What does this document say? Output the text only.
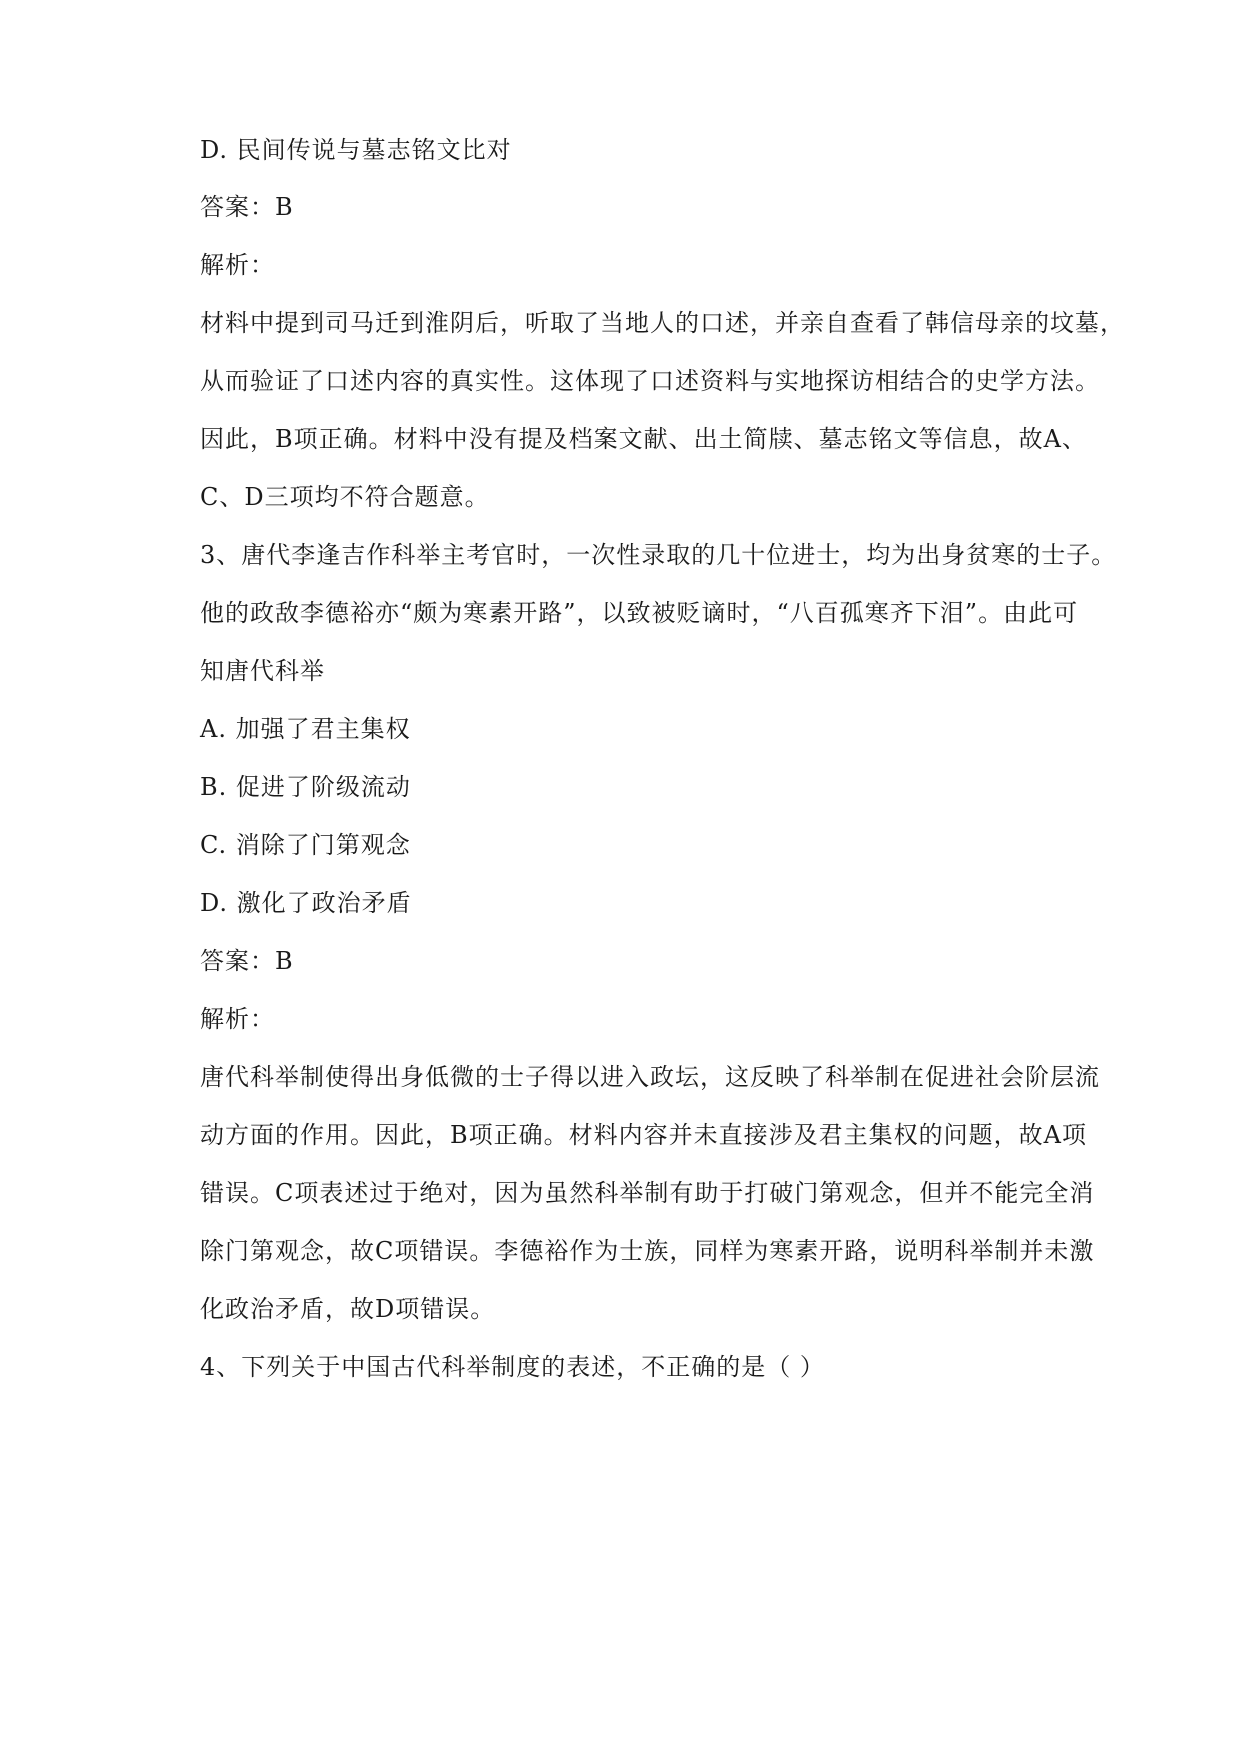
D. 民间传说与墓志铭文比对
答案：B
解析：
材料中提到司马迁到淮阴后，听取了当地人的口述，并亲自查看了韩信母亲的坟墓，
从而验证了口述内容的真实性。这体现了口述资料与实地探访相结合的史学方法。
因此，B项正确。材料中没有提及档案文献、出土简牍、墓志铭文等信息，故A、
C、D三项均不符合题意。
3、唐代李逢吉作科举主考官时，一次性录取的几十位进士，均为出身贫寒的士子。
他的政敌李德裕亦“颇为寒素开路”，以致被贬谪时，“八百孤寒齐下泪”。由此可
知唐代科举
A. 加强了君主集权
B. 促进了阶级流动
C. 消除了门第观念
D. 激化了政治矛盾
答案：B
解析：
唐代科举制使得出身低微的士子得以进入政坛，这反映了科举制在促进社会阶层流
动方面的作用。因此，B项正确。材料内容并未直接涉及君主集权的问题，故A项
错误。C项表述过于绝对，因为虽然科举制有助于打破门第观念，但并不能完全消
除门第观念，故C项错误。李德裕作为士族，同样为寒素开路，说明科举制并未激
化政治矛盾，故D项错误。
4、下列关于中国古代科举制度的表述，不正确的是（ ）
